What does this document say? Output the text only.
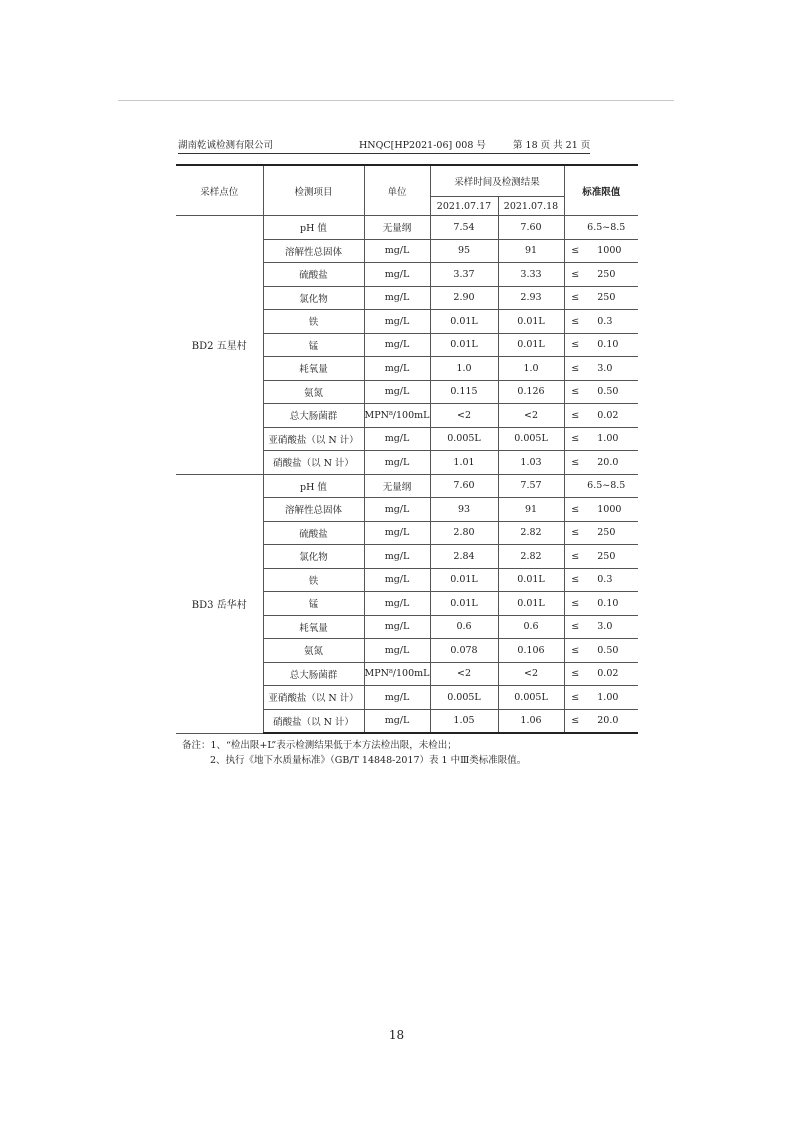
湖南乾诚检测有限公司	HNQC[HP2021-06] 008 号	第 18 页 共 21 页
采样点位	检测项目	单位	采样时间及检测结果		标准限值
			2021.07.17	2021.07.18	
BD2 五星村	pH 值	无量纲	7.54	7.60	6.5~8.5
	溶解性总固体	mg/L	95	91	≤ 1000
	硫酸盐	mg/L	3.37	3.33	≤ 250
	氯化物	mg/L	2.90	2.93	≤ 250
	铁	mg/L	0.01L	0.01L	≤ 0.3
	锰	mg/L	0.01L	0.01L	≤ 0.10
	耗氧量	mg/L	1.0	1.0	≤ 3.0
	氨氮	mg/L	0.115	0.126	≤ 0.50
	总大肠菌群	MPN⁸/100mL	<2	<2	≤ 0.02
	亚硝酸盐（以 N 计）	mg/L	0.005L	0.005L	≤ 1.00
	硝酸盐（以 N 计）	mg/L	1.01	1.03	≤ 20.0
BD3 岳华村	pH 值	无量纲	7.60	7.57	6.5~8.5
	溶解性总固体	mg/L	93	91	≤ 1000
	硫酸盐	mg/L	2.80	2.82	≤ 250
	氯化物	mg/L	2.84	2.82	≤ 250
	铁	mg/L	0.01L	0.01L	≤ 0.3
	锰	mg/L	0.01L	0.01L	≤ 0.10
	耗氧量	mg/L	0.6	0.6	≤ 3.0
	氨氮	mg/L	0.078	0.106	≤ 0.50
	总大肠菌群	MPN⁸/100mL	<2	<2	≤ 0.02
	亚硝酸盐（以 N 计）	mg/L	0.005L	0.005L	≤ 1.00
	硝酸盐（以 N 计）	mg/L	1.05	1.06	≤ 20.0
备注：1、“检出限+L”表示检测结果低于本方法检出限，未检出；
2、执行《地下水质量标准》（GB/T 14848-2017）表 1 中Ⅲ类标准限值。
18
